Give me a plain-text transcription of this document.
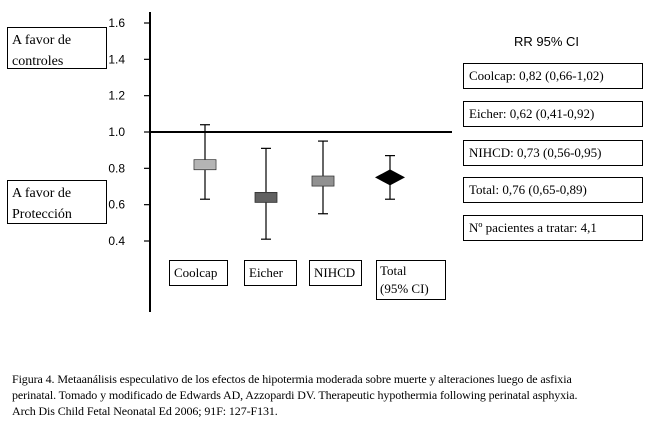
1.6
1.4
1.2
1.0
0.8
0.6
0.4
A favor de
controles
A favor de
Protección
RR 95% CI
Coolcap: 0,82 (0,66-1,02)
Eicher: 0,62 (0,41-0,92)
NIHCD: 0,73 (0,56-0,95)
Total: 0,76 (0,65-0,89)
Nº pacientes a tratar: 4,1
Coolcap	Eicher	NIHCD	Total
(95% CI)
Figura 4. Metaanálisis especulativo de los efectos de hipotermia moderada sobre muerte y alteraciones luego de asfixia
perinatal. Tomado y modificado de Edwards AD, Azzopardi DV. Therapeutic hypothermia following perinatal asphyxia.
Arch Dis Child Fetal Neonatal Ed 2006; 91F: 127-F131.
